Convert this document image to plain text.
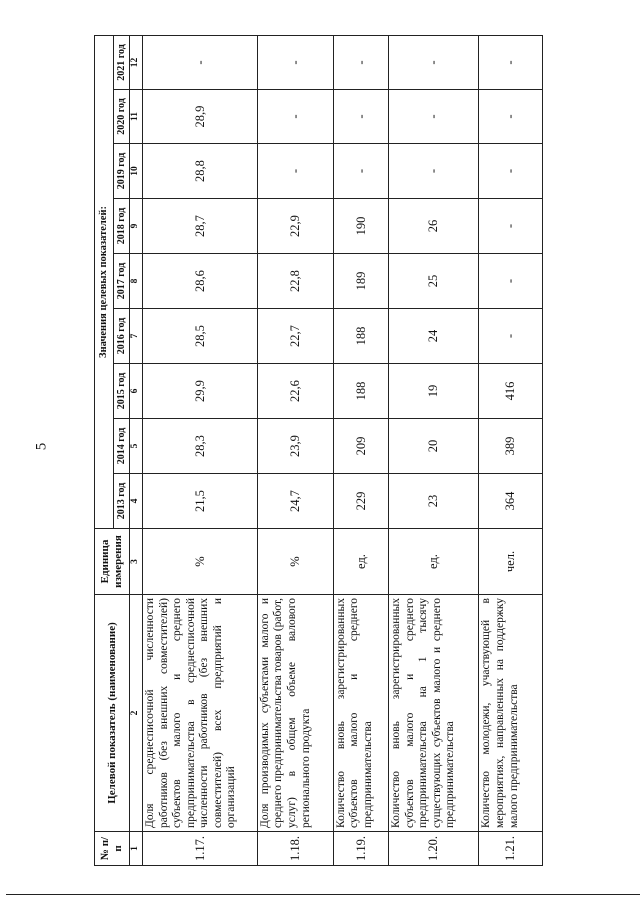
5
№ п/п	Целевой показатель (наименование)	Единица измерения	Значения целевых показателей:								
			2013 год	2014 год	2015 год	2016 год	2017 год	2018 год	2019 год	2020 год	2021 год
1	2	3	4	5	6	7	8	9	10	11	12
1.17.	Доля среднесписочной численности работников (без внешних совместителей) субъектов малого и среднего предпринимательства в среднесписочной численности работников (без внешних совместителей) всех предприятий и организаций	%	21,5	28,3	29,9	28,5	28,6	28,7	28,8	28,9	-
1.18.	Доля производимых субъектами малого и среднего предпринимательства товаров (работ, услуг) в общем объеме валового регионального продукта	%	24,7	23,9	22,6	22,7	22,8	22,9	-	-	-
1.19.	Количество вновь зарегистрированных субъектов малого и среднего предпринимательства	ед.	229	209	188	188	189	190	-	-	-
1.20.	Количество вновь зарегистрированных субъектов малого и среднего предпринимательства на 1 тысячу существующих субъектов малого и среднего предпринимательства	ед.	23	20	19	24	25	26	-	-	-
1.21.	Количество молодежи, участвующей в мероприятиях, направленных на поддержку малого предпринимательства	чел.	364	389	416	-	-	-	-	-	-
